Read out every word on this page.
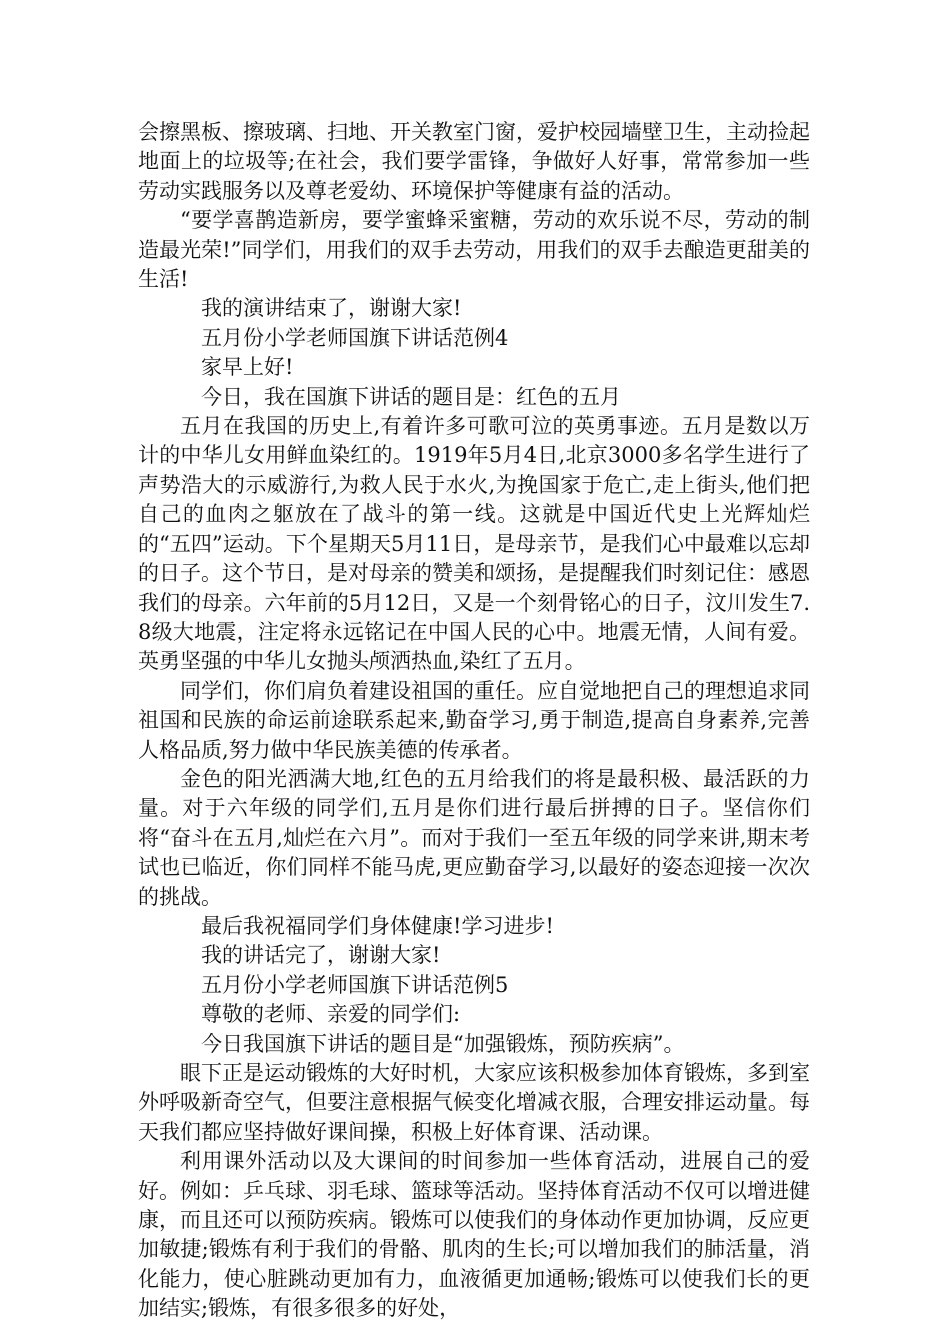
会擦黑板、擦玻璃、扫地、开关教室门窗，爱护校园墙壁卫生，主动捡起地面上的垃圾等;在社会，我们要学雷锋，争做好人好事，常常参加一些劳动实践服务以及尊老爱幼、环境保护等健康有益的活动。

“要学喜鹊造新房，要学蜜蜂采蜜糖，劳动的欢乐说不尽，劳动的制造最光荣!”同学们，用我们的双手去劳动，用我们的双手去酿造更甜美的生活!

我的演讲结束了，谢谢大家!

五月份小学老师国旗下讲话范例4

家早上好!

今日，我在国旗下讲话的题目是：红色的五月

五月在我国的历史上,有着许多可歌可泣的英勇事迹。五月是数以万计的中华儿女用鲜血染红的。1919年5月4日,北京3000多名学生进行了声势浩大的示威游行,为救人民于水火,为挽国家于危亡,走上街头,他们把自己的血肉之躯放在了战斗的第一线。这就是中国近代史上光辉灿烂的“五四”运动。下个星期天5月11日，是母亲节，是我们心中最难以忘却的日子。这个节日，是对母亲的赞美和颂扬，是提醒我们时刻记住：感恩我们的母亲。六年前的5月12日，又是一个刻骨铭心的日子，汶川发生7.8级大地震，注定将永远铭记在中国人民的心中。地震无情，人间有爱。英勇坚强的中华儿女抛头颅洒热血,染红了五月。

同学们，你们肩负着建设祖国的重任。应自觉地把自己的理想追求同祖国和民族的命运前途联系起来,勤奋学习,勇于制造,提高自身素养,完善人格品质,努力做中华民族美德的传承者。

金色的阳光洒满大地,红色的五月给我们的将是最积极、最活跃的力量。对于六年级的同学们,五月是你们进行最后拼搏的日子。坚信你们将“奋斗在五月,灿烂在六月”。而对于我们一至五年级的同学来讲,期末考试也已临近，你们同样不能马虎,更应勤奋学习,以最好的姿态迎接一次次的挑战。

最后我祝福同学们身体健康!学习进步!

我的讲话完了，谢谢大家!

五月份小学老师国旗下讲话范例5

尊敬的老师、亲爱的同学们:

今日我国旗下讲话的题目是“加强锻炼，预防疾病”。

眼下正是运动锻炼的大好时机，大家应该积极参加体育锻炼，多到室外呼吸新奇空气，但要注意根据气候变化增减衣服，合理安排运动量。每天我们都应坚持做好课间操，积极上好体育课、活动课。

利用课外活动以及大课间的时间参加一些体育活动，进展自己的爱好。例如：乒乓球、羽毛球、篮球等活动。坚持体育活动不仅可以增进健康，而且还可以预防疾病。锻炼可以使我们的身体动作更加协调，反应更加敏捷;锻炼有利于我们的骨骼、肌肉的生长;可以增加我们的肺活量，消化能力，使心脏跳动更加有力，血液循更加通畅;锻炼可以使我们长的更加结实;锻炼，有很多很多的好处，
